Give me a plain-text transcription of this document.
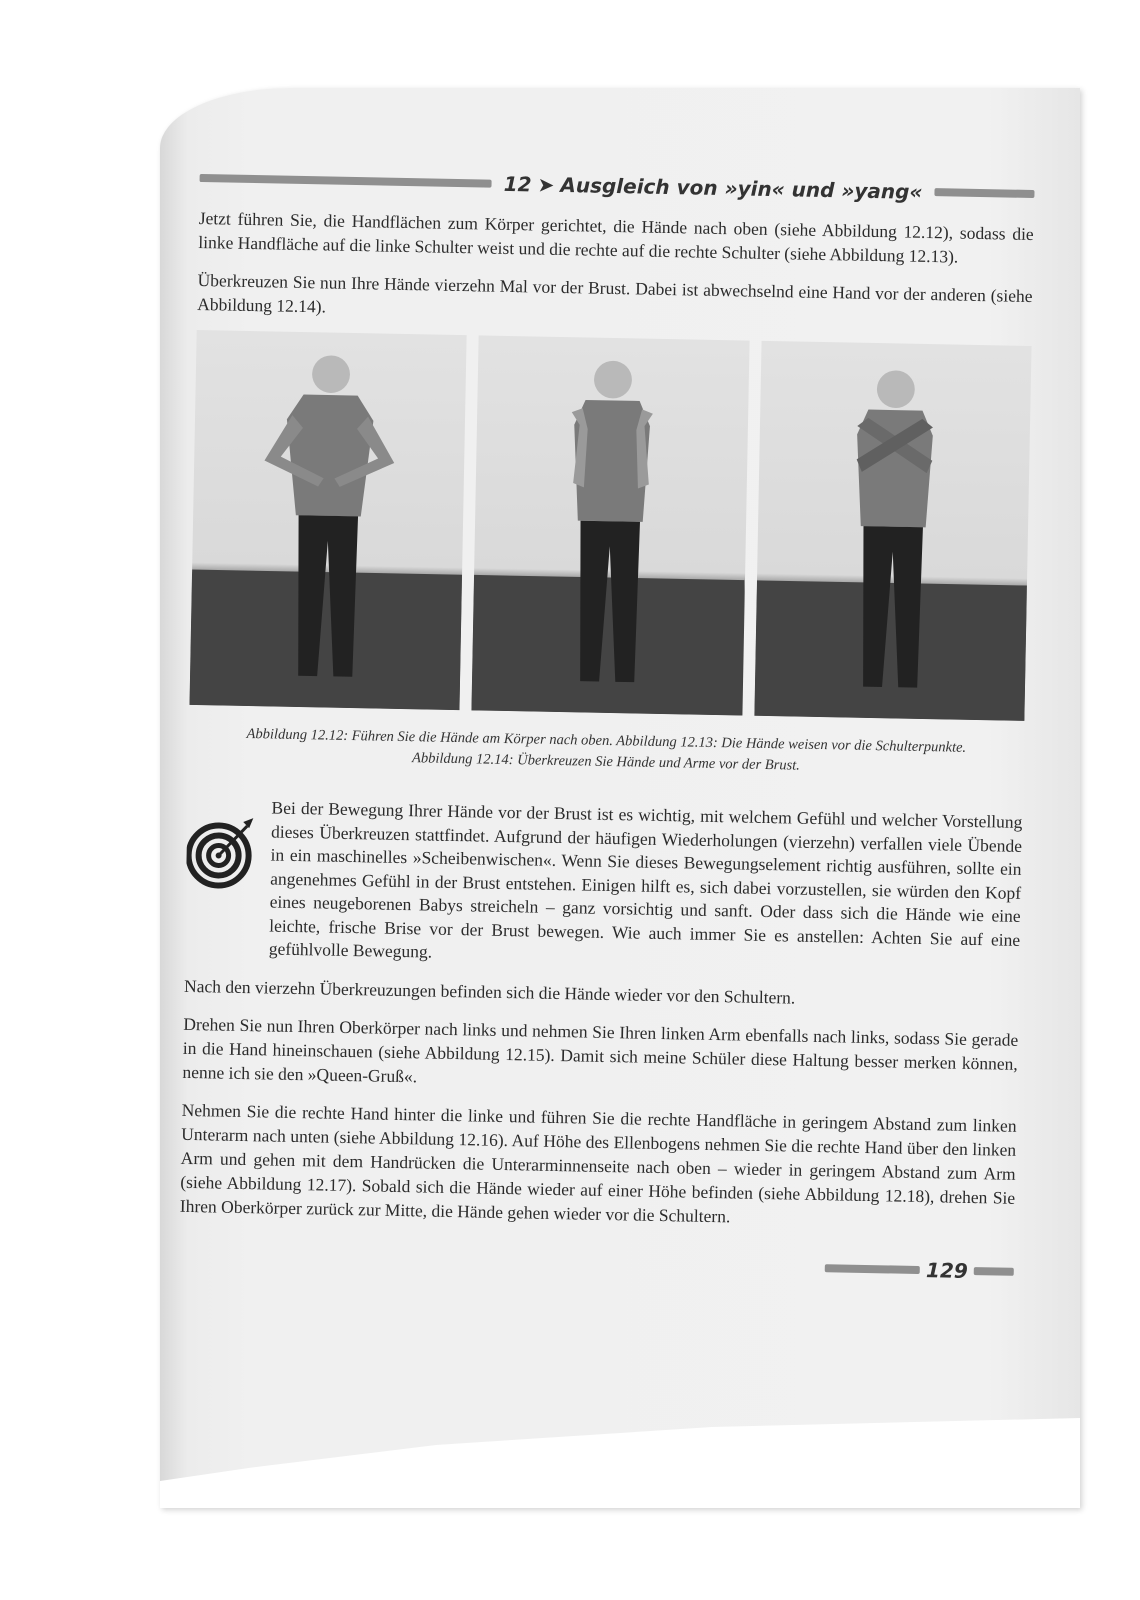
12 ➤ Ausgleich von »yin« und »yang«

Jetzt führen Sie, die Handflächen zum Körper gerichtet, die Hände nach oben (siehe Abbildung 12.12), sodass die linke Handfläche auf die linke Schulter weist und die rechte auf die rechte Schulter (siehe Abbildung 12.13).

Überkreuzen Sie nun Ihre Hände vierzehn Mal vor der Brust. Dabei ist abwechselnd eine Hand vor der anderen (siehe Abbildung 12.14).

Abbildung 12.12: Führen Sie die Hände am Körper nach oben. Abbildung 12.13: Die Hände weisen vor die Schulterpunkte. Abbildung 12.14: Überkreuzen Sie Hände und Arme vor der Brust.

Bei der Bewegung Ihrer Hände vor der Brust ist es wichtig, mit welchem Gefühl und welcher Vorstellung dieses Überkreuzen stattfindet. Aufgrund der häufigen Wiederholungen (vierzehn) verfallen viele Übende in ein maschinelles »Scheibenwischen«. Wenn Sie dieses Bewegungselement richtig ausführen, sollte ein angenehmes Gefühl in der Brust entstehen. Einigen hilft es, sich dabei vorzustellen, sie würden den Kopf eines neugeborenen Babys streicheln – ganz vorsichtig und sanft. Oder dass sich die Hände wie eine leichte, frische Brise vor der Brust bewegen. Wie auch immer Sie es anstellen: Achten Sie auf eine gefühlvolle Bewegung.

Nach den vierzehn Überkreuzungen befinden sich die Hände wieder vor den Schultern.

Drehen Sie nun Ihren Oberkörper nach links und nehmen Sie Ihren linken Arm ebenfalls nach links, sodass Sie gerade in die Hand hineinschauen (siehe Abbildung 12.15). Damit sich meine Schüler diese Haltung besser merken können, nenne ich sie den »Queen-Gruß«.

Nehmen Sie die rechte Hand hinter die linke und führen Sie die rechte Handfläche in geringem Abstand zum linken Unterarm nach unten (siehe Abbildung 12.16). Auf Höhe des Ellenbogens nehmen Sie die rechte Hand über den linken Arm und gehen mit dem Handrücken die Unterarminnenseite nach oben – wieder in geringem Abstand zum Arm (siehe Abbildung 12.17). Sobald sich die Hände wieder auf einer Höhe befinden (siehe Abbildung 12.18), drehen Sie Ihren Oberkörper zurück zur Mitte, die Hände gehen wieder vor die Schultern.

129
